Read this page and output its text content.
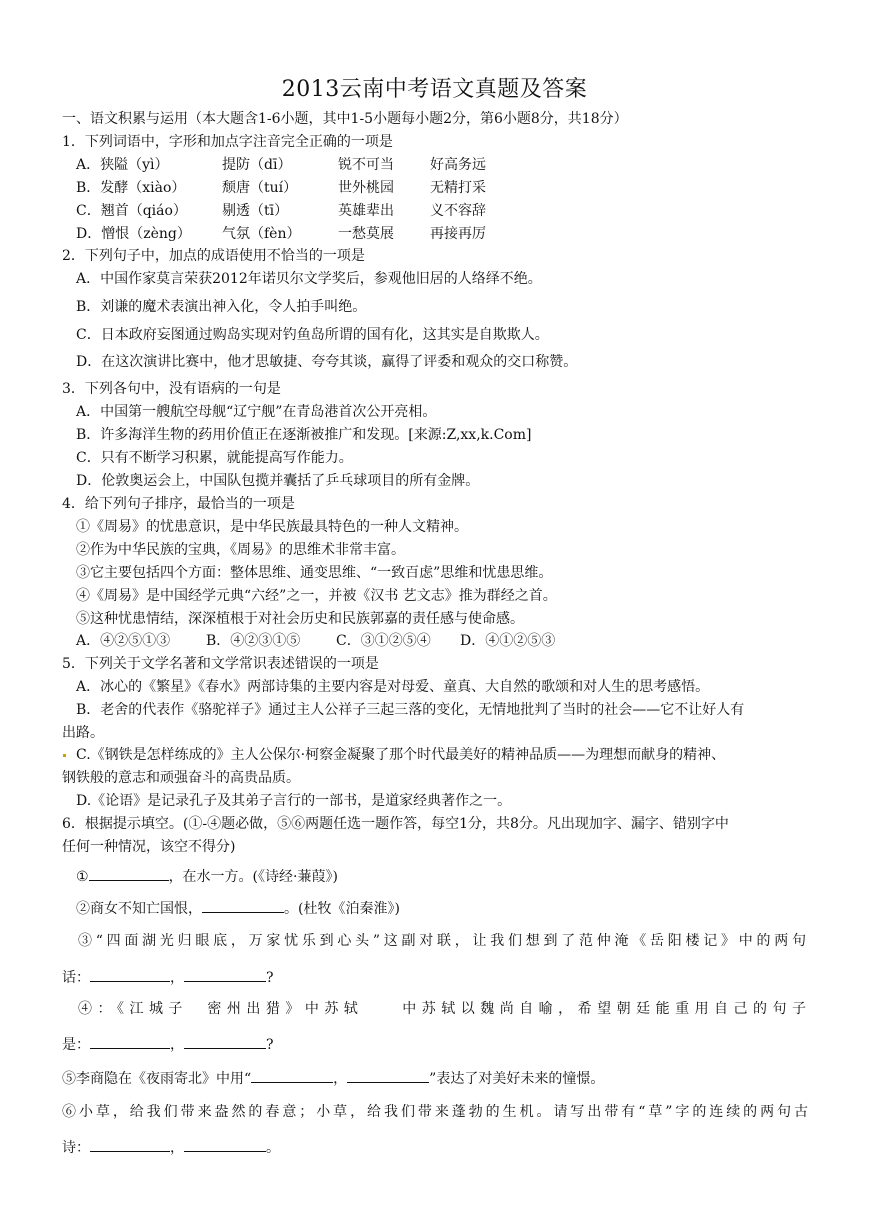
2013云南中考语文真题及答案
一、语文积累与运用（本大题含1-6小题，其中1-5小题每小题2分，第6小题8分，共18分）
1．下列词语中，字形和加点字注音完全正确的一项是
A．狭隘（yì）	提防（dī）	锐不可当	好高务远
B．发酵（xiào）	颓唐（tuí）	世外桃园	无精打采
C．翘首（qiáo）	剔透（tī）	英雄辈出	义不容辞
D．憎恨（zèng） 气氛（fèn）	一愁莫展	再接再厉
2．下列句子中，加点的成语使用不恰当的一项是
A．中国作家莫言荣获2012年诺贝尔文学奖后，参观他旧居的人络绎不绝。
B．刘谦的魔术表演出神入化，令人拍手叫绝。
C．日本政府妄图通过购岛实现对钓鱼岛所谓的国有化，这其实是自欺欺人。
D．在这次演讲比赛中，他才思敏捷、夸夸其谈，赢得了评委和观众的交口称赞。
3．下列各句中，没有语病的一句是
A．中国第一艘航空母舰“辽宁舰”在青岛港首次公开亮相。
B．许多海洋生物的药用价值正在逐渐被推广和发现。[来源:Z,xx,k.Com]
C．只有不断学习积累，就能提高写作能力。
D．伦敦奥运会上，中国队包揽并囊括了乒乓球项目的所有金牌。
4．给下列句子排序，最恰当的一项是
①《周易》的忧患意识，是中华民族最具特色的一种人文精神。
②作为中华民族的宝典，《周易》的思维术非常丰富。
③它主要包括四个方面：整体思维、通变思维、“一致百虑”思维和忧患思维。
④《周易》是中国经学元典“六经”之一，并被《汉书 艺文志》推为群经之首。
⑤这种忧患情结，深深植根于对社会历史和民族郭嘉的责任感与使命感。
A．④②⑤①③	B．④②③①⑤	C．③①②⑤④ D．④①②⑤③
5．下列关于文学名著和文学常识表述错误的一项是
A．冰心的《繁星》《春水》两部诗集的主要内容是对母爱、童真、大自然的歌颂和对人生的思考感悟。
B．老舍的代表作《骆驼祥子》通过主人公祥子三起三落的变化，无情地批判了当时的社会——它不让好人有
出路。
C.《钢铁是怎样练成的》主人公保尔·柯察金凝聚了那个时代最美好的精神品质——为理想而献身的精神、
钢铁般的意志和顽强奋斗的高贵品质。
D.《论语》是记录孔子及其弟子言行的一部书，是道家经典著作之一。
6．根据提示填空。(①-④题必做，⑤⑥两题任选一题作答，每空1分，共8分。凡出现加字、漏字、错别字中
任何一种情况，该空不得分)
①	，在水一方。(《诗经·蒹葭》)
②商女不知亡国恨，	。(杜牧《泊秦淮》)
③“四面湖光归眼底，万家忧乐到心头”这副对联，让我们想到了范仲淹《岳阳楼记》中的两句
话：	，	?
④：《江城子　密州出猎》中苏轼　　中苏轼以魏尚自喻，希望朝廷能重用自己的句子
是：	，	?
⑤李商隐在《夜雨寄北》中用“	，	”表达了对美好未来的憧憬。
⑥小草，给我们带来盎然的春意；小草，给我们带来蓬勃的生机。请写出带有“草”字的连续的两句古
诗：	，	。
